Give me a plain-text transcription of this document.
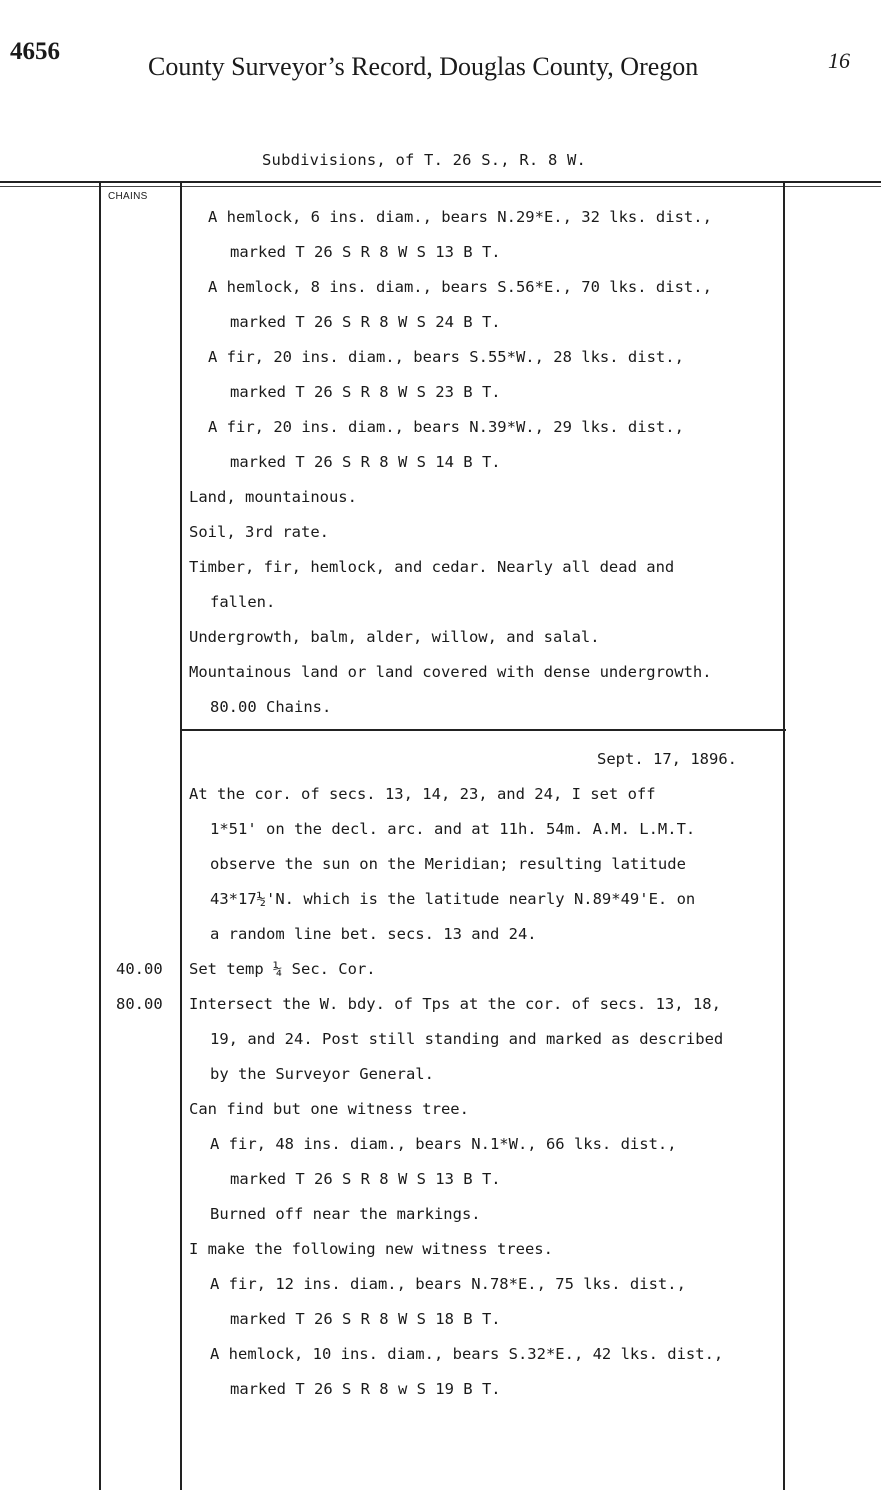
4656
County Surveyor’s Record, Douglas County, Oregon	16
Subdivisions, of T. 26 S., R. 8 W.
CHAINS
A hemlock, 6 ins. diam., bears N.29*E., 32 lks. dist.,
marked T 26 S R 8 W S 13 B T.
A hemlock, 8 ins. diam., bears S.56*E., 70 lks. dist.,
marked T 26 S R 8 W S 24 B T.
A fir, 20 ins. diam., bears S.55*W., 28 lks. dist.,
marked T 26 S R 8 W S 23 B T.
A fir, 20 ins. diam., bears N.39*W., 29 lks. dist.,
marked T 26 S R 8 W S 14 B T.
Land, mountainous.
Soil, 3rd rate.
Timber, fir, hemlock, and cedar. Nearly all dead and
fallen.
Undergrowth, balm, alder, willow, and salal.
Mountainous land or land covered with dense undergrowth.
80.00 Chains.
Sept. 17, 1896.
At the cor. of secs. 13, 14, 23, and 24, I set off
1*51' on the decl. arc. and at 11h. 54m. A.M. L.M.T.
observe the sun on the Meridian; resulting latitude
43*17½'N. which is the latitude nearly N.89*49'E. on
a random line bet. secs. 13 and 24.
40.00 Set temp ¼ Sec. Cor.
80.00 Intersect the W. bdy. of Tps at the cor. of secs. 13, 18,
19, and 24. Post still standing and marked as described
by the Surveyor General.
Can find but one witness tree.
A fir, 48 ins. diam., bears N.1*W., 66 lks. dist.,
marked T 26 S R 8 W S 13 B T.
Burned off near the markings.
I make the following new witness trees.
A fir, 12 ins. diam., bears N.78*E., 75 lks. dist.,
marked T 26 S R 8 W S 18 B T.
A hemlock, 10 ins. diam., bears S.32*E., 42 lks. dist.,
marked T 26 S R 8 w S 19 B T.
